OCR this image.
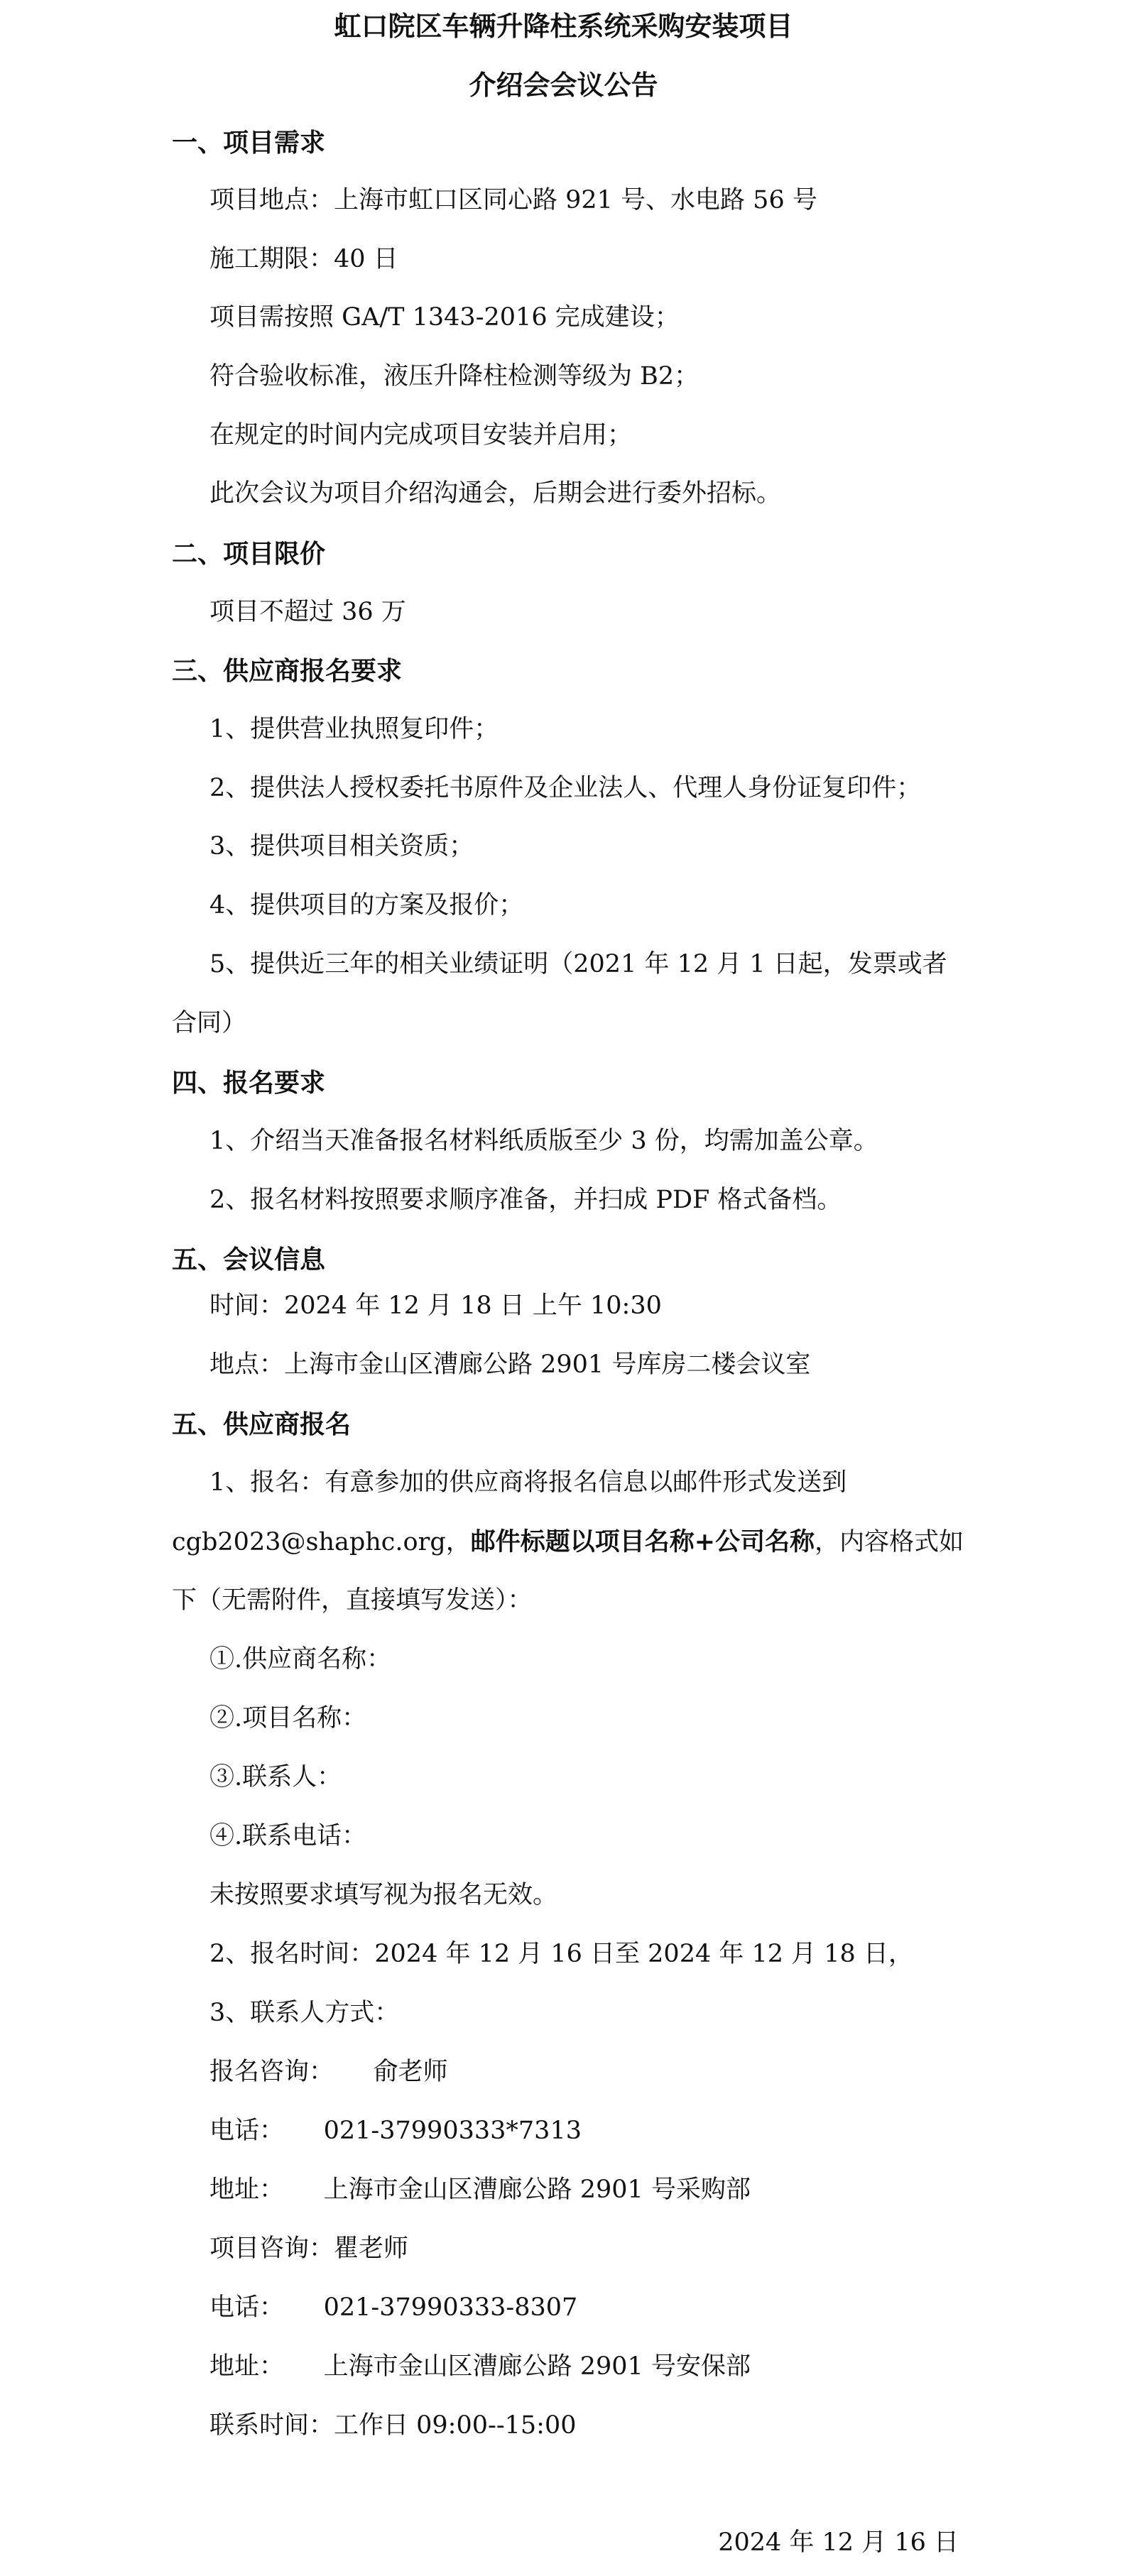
虹口院区车辆升降柱系统采购安装项目
介绍会会议公告
一、项目需求
项目地点：上海市虹口区同心路 921 号、水电路 56 号
施工期限：40 日
项目需按照 GA/T 1343-2016 完成建设；
符合验收标准，液压升降柱检测等级为 B2；
在规定的时间内完成项目安装并启用；
此次会议为项目介绍沟通会，后期会进行委外招标。
二、项目限价
项目不超过 36 万
三、供应商报名要求
1、提供营业执照复印件；
2、提供法人授权委托书原件及企业法人、代理人身份证复印件；
3、提供项目相关资质；
4、提供项目的方案及报价；
5、提供近三年的相关业绩证明（2021 年 12 月 1 日起，发票或者
合同）
四、报名要求
1、介绍当天准备报名材料纸质版至少 3 份，均需加盖公章。
2、报名材料按照要求顺序准备，并扫成 PDF 格式备档。
五、会议信息
时间：2024 年 12 月 18 日 上午 10:30
地点：上海市金山区漕廊公路 2901 号库房二楼会议室
五、供应商报名
1、报名：有意参加的供应商将报名信息以邮件形式发送到
cgb2023@shaphc.org，邮件标题以项目名称+公司名称，内容格式如
下（无需附件，直接填写发送）：
①.供应商名称：
②.项目名称：
③.联系人：
④.联系电话：
未按照要求填写视为报名无效。
2、报名时间：2024 年 12 月 16 日至 2024 年 12 月 18 日，
3、联系人方式：
报名咨询：     俞老师
电话：     021-37990333*7313
地址：     上海市金山区漕廊公路 2901 号采购部
项目咨询：瞿老师
电话：     021-37990333-8307
地址：     上海市金山区漕廊公路 2901 号安保部
联系时间：工作日 09:00--15:00
2024 年 12 月 16 日
